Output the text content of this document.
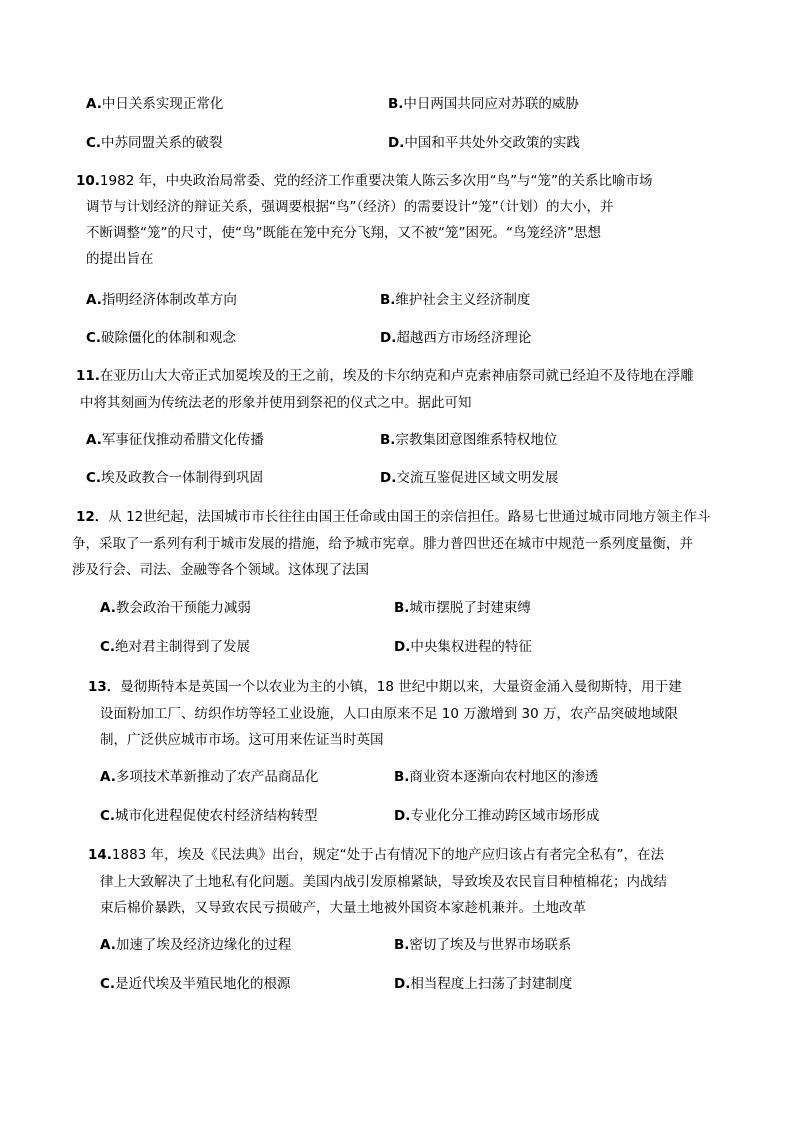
A.中日关系实现正常化	B.中日两国共同应对苏联的威胁
C.中苏同盟关系的破裂	D.中国和平共处外交政策的实践
10.1982 年，中央政治局常委、党的经济工作重要决策人陈云多次用“鸟”与“笼”的关系比喻市场
调节与计划经济的辩证关系，强调要根据“鸟”（经济）的需要设计“笼”（计划）的大小，并
不断调整“笼”的尺寸，使“鸟”既能在笼中充分飞翔，又不被“笼”困死。“鸟笼经济”思想
的提出旨在
A.指明经济体制改革方向	B.维护社会主义经济制度
C.破除僵化的体制和观念	D.超越西方市场经济理论
11.在亚历山大大帝正式加冕埃及的王之前，埃及的卡尔纳克和卢克索神庙祭司就已经迫不及待地在浮雕
中将其刻画为传统法老的形象并使用到祭祀的仪式之中。据此可知
A.军事征伐推动希腊文化传播	B.宗教集团意图维系特权地位
C.埃及政教合一体制得到巩固	D.交流互鉴促进区域文明发展
12．从 12世纪起，法国城市市长往往由国王任命或由国王的亲信担任。路易七世通过城市同地方领主作斗
争，采取了一系列有利于城市发展的措施，给予城市宪章。腓力普四世还在城市中规范一系列度量衡，并
涉及行会、司法、金融等各个领域。这体现了法国
A.教会政治干预能力减弱	B.城市摆脱了封建束缚
C.绝对君主制得到了发展	D.中央集权进程的特征
13．曼彻斯特本是英国一个以农业为主的小镇，18 世纪中期以来，大量资金涌入曼彻斯特，用于建
设面粉加工厂、纺织作坊等轻工业设施，人口由原来不足 10 万激增到 30 万，农产品突破地域限
制，广泛供应城市市场。这可用来佐证当时英国
A.多项技术革新推动了农产品商品化	B.商业资本逐渐向农村地区的渗透
C.城市化进程促使农村经济结构转型	D.专业化分工推动跨区域市场形成
14.1883 年，埃及《民法典》出台，规定“处于占有情况下的地产应归该占有者完全私有”，在法
律上大致解决了土地私有化问题。美国内战引发原棉紧缺，导致埃及农民盲目种植棉花；内战结
束后棉价暴跌，又导致农民亏损破产，大量土地被外国资本家趁机兼并。土地改革
A.加速了埃及经济边缘化的过程	B.密切了埃及与世界市场联系
C.是近代埃及半殖民地化的根源	D.相当程度上扫荡了封建制度
